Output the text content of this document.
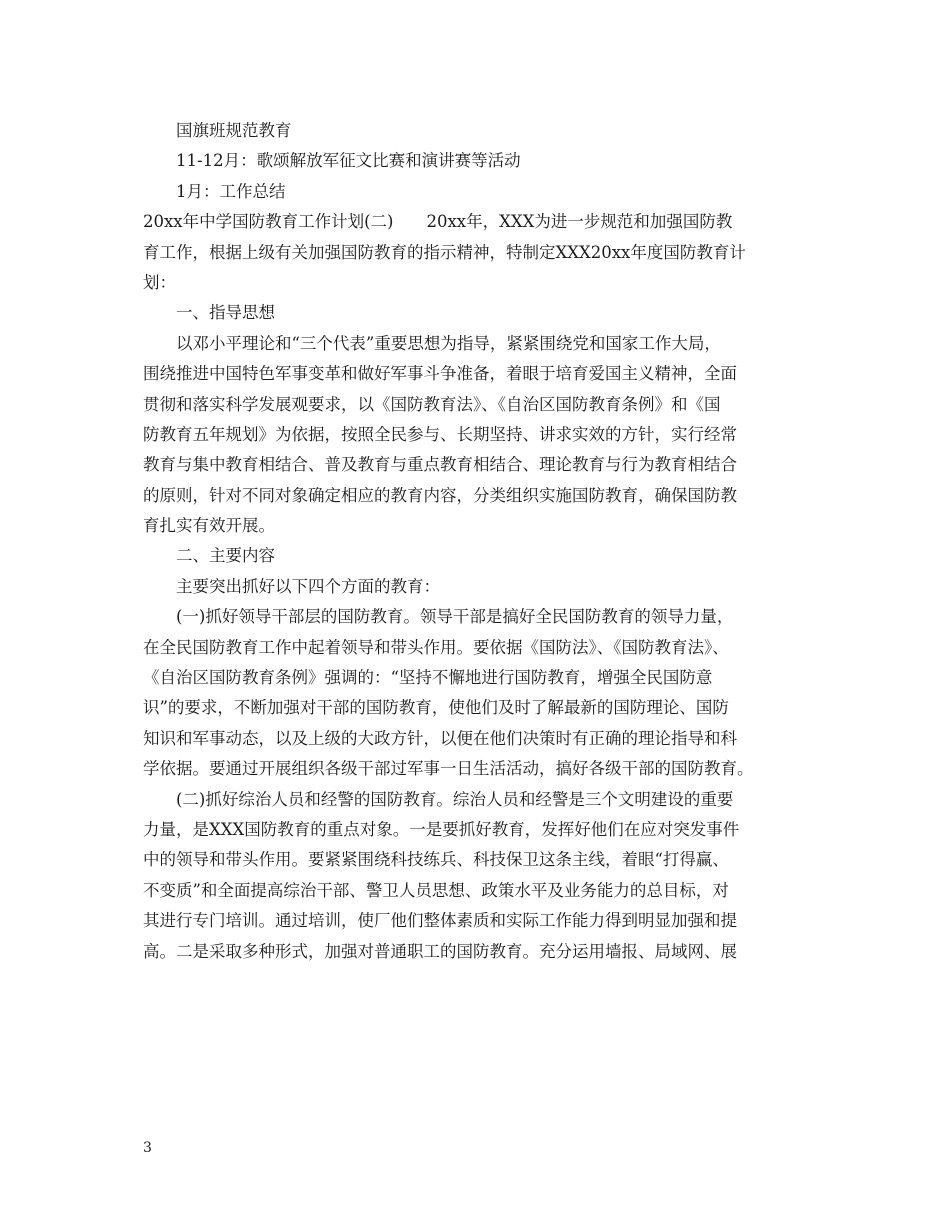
国旗班规范教育
11-12月：歌颂解放军征文比赛和演讲赛等活动
1月：工作总结
20xx年中学国防教育工作计划(二)　　20xx年，XXX为进一步规范和加强国防教
育工作，根据上级有关加强国防教育的指示精神，特制定XXX20xx年度国防教育计
划：
一、指导思想
以邓小平理论和“三个代表”重要思想为指导，紧紧围绕党和国家工作大局，
围绕推进中国特色军事变革和做好军事斗争准备，着眼于培育爱国主义精神，全面
贯彻和落实科学发展观要求，以《国防教育法》、《自治区国防教育条例》和《国
防教育五年规划》为依据，按照全民参与、长期坚持、讲求实效的方针，实行经常
教育与集中教育相结合、普及教育与重点教育相结合、理论教育与行为教育相结合
的原则，针对不同对象确定相应的教育内容，分类组织实施国防教育，确保国防教
育扎实有效开展。
二、主要内容
主要突出抓好以下四个方面的教育：
(一)抓好领导干部层的国防教育。领导干部是搞好全民国防教育的领导力量，
在全民国防教育工作中起着领导和带头作用。要依据《国防法》、《国防教育法》、
《自治区国防教育条例》强调的：“坚持不懈地进行国防教育，增强全民国防意
识”的要求，不断加强对干部的国防教育，使他们及时了解最新的国防理论、国防
知识和军事动态，以及上级的大政方针，以便在他们决策时有正确的理论指导和科
学依据。要通过开展组织各级干部过军事一日生活活动，搞好各级干部的国防教育。
(二)抓好综治人员和经警的国防教育。综治人员和经警是三个文明建设的重要
力量，是XXX国防教育的重点对象。一是要抓好教育，发挥好他们在应对突发事件
中的领导和带头作用。要紧紧围绕科技练兵、科技保卫这条主线，着眼“打得赢、
不变质”和全面提高综治干部、警卫人员思想、政策水平及业务能力的总目标，对
其进行专门培训。通过培训，使厂他们整体素质和实际工作能力得到明显加强和提
高。二是采取多种形式，加强对普通职工的国防教育。充分运用墙报、局域网、展
3
